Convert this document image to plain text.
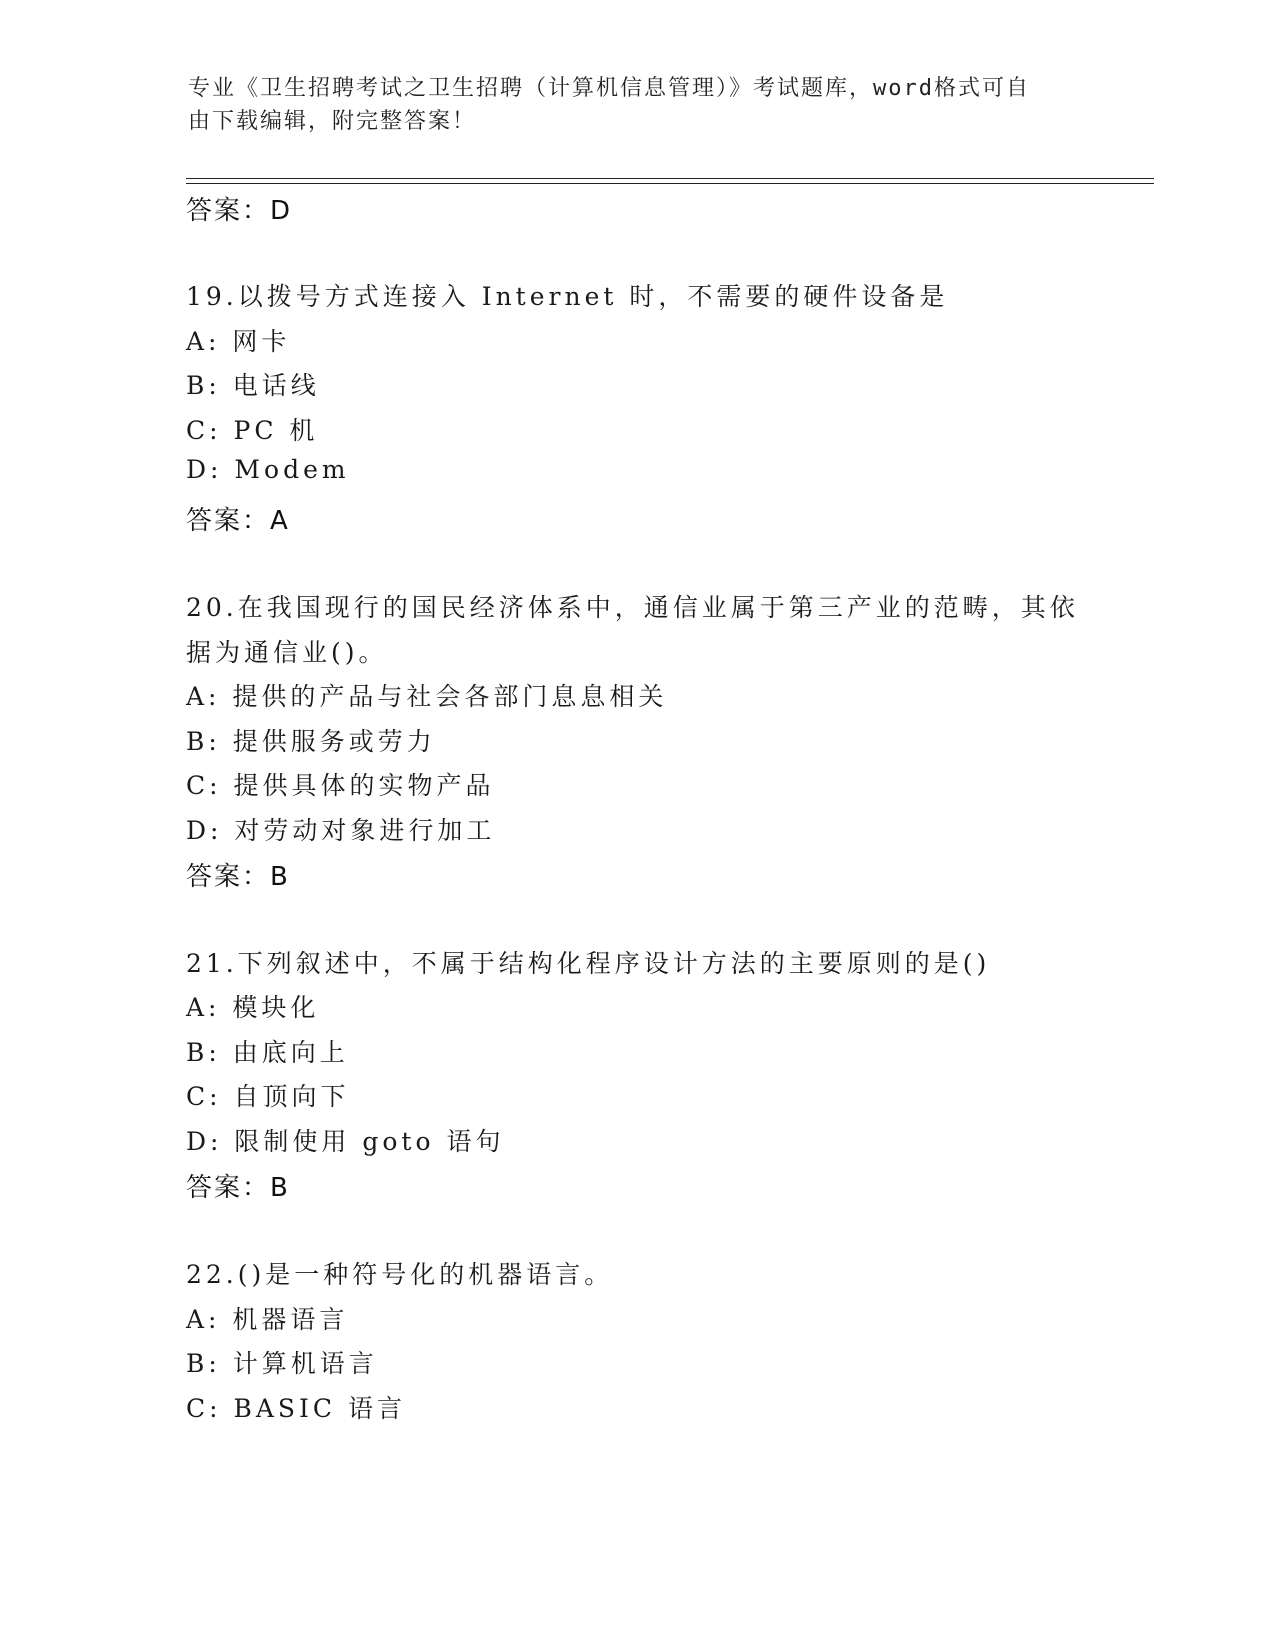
专业《卫生招聘考试之卫生招聘（计算机信息管理）》考试题库，word格式可自
由下载编辑，附完整答案！
答案：D
19.以拨号方式连接入 Internet 时，不需要的硬件设备是
A: 网卡
B: 电话线
C: PC 机
D: Modem
答案：A
20.在我国现行的国民经济体系中，通信业属于第三产业的范畴，其依
据为通信业()。
A: 提供的产品与社会各部门息息相关
B: 提供服务或劳力
C: 提供具体的实物产品
D: 对劳动对象进行加工
答案：B
21.下列叙述中，不属于结构化程序设计方法的主要原则的是()
A: 模块化
B: 由底向上
C: 自顶向下
D: 限制使用 goto 语句
答案：B
22.()是一种符号化的机器语言。
A: 机器语言
B: 计算机语言
C: BASIC 语言
